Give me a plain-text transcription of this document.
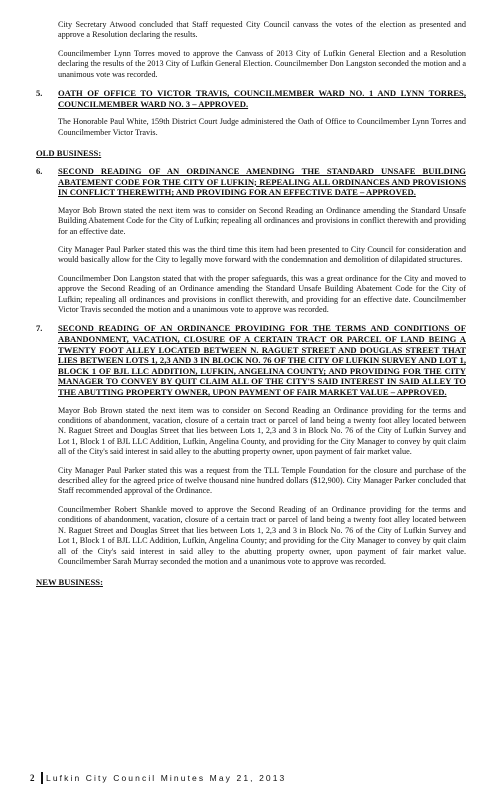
City Secretary Atwood concluded that Staff requested City Council canvass the votes of the election as presented and approve a Resolution declaring the results.

Councilmember Lynn Torres moved to approve the Canvass of 2013 City of Lufkin General Election and a Resolution declaring the results of the 2013 City of Lufkin General Election. Councilmember Don Langston seconded the motion and a unanimous vote was recorded.

5.	OATH OF OFFICE TO VICTOR TRAVIS, COUNCILMEMBER WARD NO. 1 AND LYNN TORRES, COUNCILMEMBER WARD NO. 3 – APPROVED.

The Honorable Paul White, 159th District Court Judge administered the Oath of Office to Councilmember Lynn Torres and Councilmember Victor Travis.

OLD BUSINESS:
6.	SECOND READING OF AN ORDINANCE AMENDING THE STANDARD UNSAFE BUILDING ABATEMENT CODE FOR THE CITY OF LUFKIN; REPEALING ALL ORDINANCES AND PROVISIONS IN CONFLICT THEREWITH; AND PROVIDING FOR AN EFFECTIVE DATE – APPROVED.

Mayor Bob Brown stated the next item was to consider on Second Reading an Ordinance amending the Standard Unsafe Building Abatement Code for the City of Lufkin; repealing all ordinances and provisions in conflict therewith and providing for an effective date.

City Manager Paul Parker stated this was the third time this item had been presented to City Council for consideration and would basically allow for the City to legally move forward with the condemnation and demolition of dilapidated structures.

Councilmember Don Langston stated that with the proper safeguards, this was a great ordinance for the City and moved to approve the Second Reading of an Ordinance amending the Standard Unsafe Building Abatement Code for the City of Lufkin; repealing all ordinances and provisions in conflict therewith, and providing for an effective date. Councilmember Victor Travis seconded the motion and a unanimous vote to approve was recorded.

7.	SECOND READING OF AN ORDINANCE PROVIDING FOR THE TERMS AND CONDITIONS OF ABANDONMENT, VACATION, CLOSURE OF A CERTAIN TRACT OR PARCEL OF LAND BEING A TWENTY FOOT ALLEY LOCATED BETWEEN N. RAGUET STREET AND DOUGLAS STREET THAT LIES BETWEEN LOTS 1, 2,3 AND 3 IN BLOCK NO. 76 OF THE CITY OF LUFKIN SURVEY AND LOT 1, BLOCK 1 OF BJL LLC ADDITION, LUFKIN, ANGELINA COUNTY; AND PROVIDING FOR THE CITY MANAGER TO CONVEY BY QUIT CLAIM ALL OF THE CITY'S SAID INTEREST IN SAID ALLEY TO THE ABUTTING PROPERTY OWNER, UPON PAYMENT OF FAIR MARKET VALUE – APPROVED.

Mayor Bob Brown stated the next item was to consider on Second Reading an Ordinance providing for the terms and conditions of abandonment, vacation, closure of a certain tract or parcel of land being a twenty foot alley located between N. Raguet Street and Douglas Street that lies between Lots 1, 2,3 and 3 in Block No. 76 of the City of Lufkin Survey and Lot 1, Block 1 of BJL LLC Addition, Lufkin, Angelina County, and providing for the City Manager to convey by quit claim all of the City's said interest in said alley to the abutting property owner, upon payment of fair market value.

City Manager Paul Parker stated this was a request from the TLL Temple Foundation for the closure and purchase of the described alley for the agreed price of twelve thousand nine hundred dollars ($12,900). City Manager Parker concluded that Staff recommended approval of the Ordinance.

Councilmember Robert Shankle moved to approve the Second Reading of an Ordinance providing for the terms and conditions of abandonment, vacation, closure of a certain tract or parcel of land being a twenty foot alley located between N. Raguet Street and Douglas Street that lies between Lots 1, 2,3 and 3 in Block No. 76 of the City of Lufkin Survey and Lot 1, Block 1 of BJL LLC Addition, Lufkin, Angelina County; and providing for the City Manager to convey by quit claim all of the City's said interest in said alley to the abutting property owner, upon payment of fair market value. Councilmember Sarah Murray seconded the motion and a unanimous vote to approve was recorded.

NEW BUSINESS:
2	Lufkin City Council Minutes May 21, 2013
